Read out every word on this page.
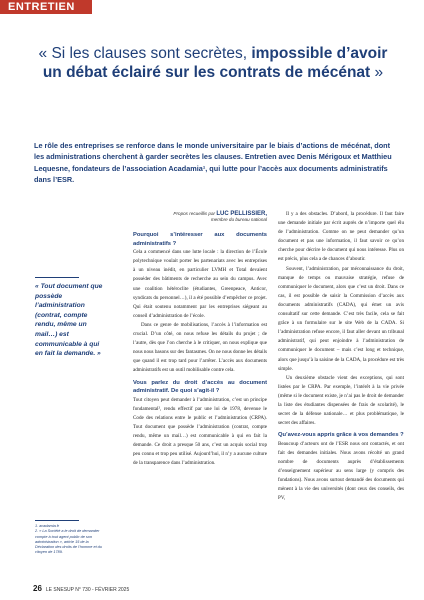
ENTRETIEN
« Si les clauses sont secrètes, impossible d’avoir un débat éclairé sur les contrats de mécénat »
Le rôle des entreprises se renforce dans le monde universitaire par le biais d’actions de mécénat, dont les administrations cherchent à garder secrètes les clauses. Entretien avec Denis Mérigoux et Matthieu Lequesne, fondateurs de l’association Acadamia¹, qui lutte pour l’accès aux documents administratifs dans l’ESR.
Propos recueillis par LUC PELLISSIER,
membre du bureau national
« Tout document que possède l’administration (contrat, compte rendu, même un mail…) est communicable à qui en fait la demande. »
1. acadamia.fr
2. « La Société a le droit de demander compte à tout agent public de son administration », article 15 de la Déclaration des droits de l’homme et du citoyen de 1789.

Pourquoi s’intéresser aux documents administratifs ?

Cela a commencé dans une lutte locale : la direction de l’École polytechnique voulait porter les partenariats avec les entreprises à un niveau inédit, en particulier LVMH et Total devaient posséder des bâtiments de recherche au sein du campus. Avec une coalition hétéroclite (étudiantes, Greenpeace, Anticor, syndicats du personnel…), il a été possible d’empêcher ce projet. Qui était soutenu notamment par les entreprises siégeant au conseil d’administration de l’école.

Dans ce genre de mobilisations, l’accès à l’information est crucial. D’un côté, on nous refuse les détails du projet ; de l’autre, dès que l’on cherche à le critiquer, on nous explique que nous nous basons sur des fantasmes. On ne nous donne les détails que quand il est trop tard pour l’arrêter. L’accès aux documents administratifs est un outil mobilisable contre cela.

Vous parlez du droit d’accès au document administratif. De quoi s’agit-il ?

Tout citoyen peut demander à l’administration, c’est un principe fondamental², rendu effectif par une loi de 1978, devenue le Code des relations entre le public et l’administration (CRPA). Tout document que possède l’administration (contrat, compte rendu, même un mail…) est communicable à qui en fait la demande. Ce droit a presque 50 ans, c’est un acquis social trop peu connu et trop peu utilisé. Aujourd’hui, il n’y a aucune culture de la transparence dans l’administration.

Il y a des obstacles. D’abord, la procédure. Il faut faire une demande initiale par écrit auprès de n’importe quel élu de l’administration. Comme on ne peut demander qu’un document et pas une information, il faut savoir ce qu’on cherche pour décrire le document qui nous intéresse. Plus on est précis, plus cela a de chances d’aboutir.

Souvent, l’administration, par méconnaissance du droit, manque de temps ou mauvaise stratégie, refuse de communiquer le document, alors que c’est un droit. Dans ce cas, il est possible de saisir la Commission d’accès aux documents administratifs (CADA), qui émet un avis consultatif sur cette demande. C’est très facile, cela se fait grâce à un formulaire sur le site Web de la CADA. Si l’administration refuse encore, il faut aller devant un tribunal administratif, qui peut enjoindre à l’administration de communiquer le document – mais c’est long et technique, alors que jusqu’à la saisine de la CADA, la procédure est très simple.

Un deuxième obstacle vient des exceptions, qui sont listées par le CRPA. Par exemple, l’intérêt à la vie privée (même si le document existe, je n’ai pas le droit de demander la liste des étudiantes dispensées de frais de scolarité), le secret de la défense nationale… et plus problématique, le secret des affaires.

Qu’avez-vous appris grâce à vos demandes ?

Beaucoup d’acteurs ont de l’ESR nous ont contactés, et ont fait des demandes initiales. Nous avons récolté un grand nombre de documents auprès d’établissements d’enseignement supérieur au sens large (y compris des fondations). Nous avons surtout demandé des documents qui mènent à la vie des universités (dont ceux des conseils, des PV,

26 LE SNESUP N° 730 - FÉVRIER 2025
